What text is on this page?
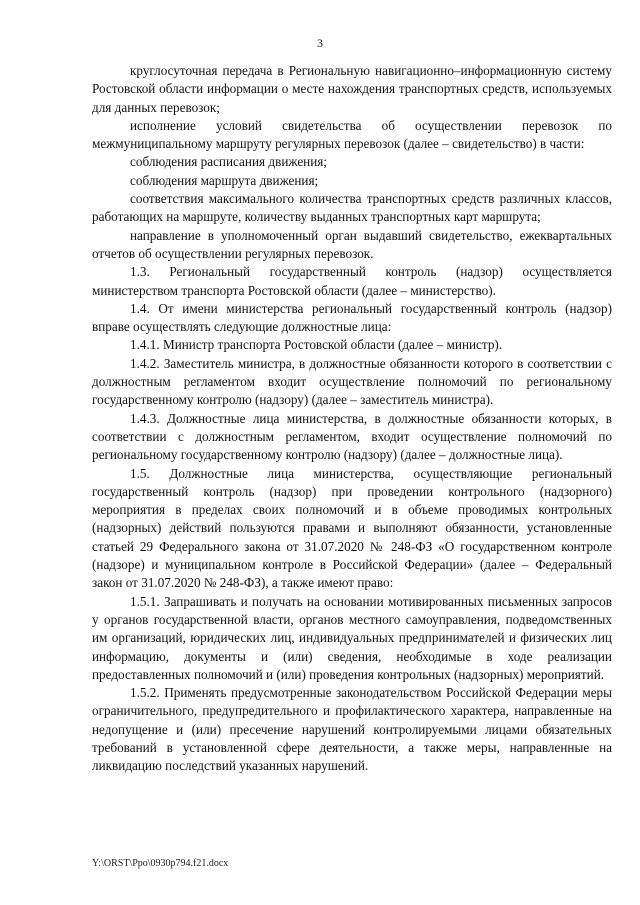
3

круглосуточная передача в Региональную навигационно–информационную систему Ростовской области информации о месте нахождения транспортных средств, используемых для данных перевозок;

исполнение условий свидетельства об осуществлении перевозок по межмуниципальному маршруту регулярных перевозок (далее – свидетельство) в части:

соблюдения расписания движения;

соблюдения маршрута движения;

соответствия максимального количества транспортных средств различных классов, работающих на маршруте, количеству выданных транспортных карт маршрута;

направление в уполномоченный орган выдавший свидетельство, ежеквартальных отчетов об осуществлении регулярных перевозок.

1.3. Региональный государственный контроль (надзор) осуществляется министерством транспорта Ростовской области (далее – министерство).

1.4. От имени министерства региональный государственный контроль (надзор) вправе осуществлять следующие должностные лица:

1.4.1. Министр транспорта Ростовской области (далее – министр).

1.4.2. Заместитель министра, в должностные обязанности которого в соответствии с должностным регламентом входит осуществление полномочий по региональному государственному контролю (надзору) (далее – заместитель министра).

1.4.3. Должностные лица министерства, в должностные обязанности которых, в соответствии с должностным регламентом, входит осуществление полномочий по региональному государственному контролю (надзору) (далее – должностные лица).

1.5. Должностные лица министерства, осуществляющие региональный государственный контроль (надзор) при проведении контрольного (надзорного) мероприятия в пределах своих полномочий и в объеме проводимых контрольных (надзорных) действий пользуются правами и выполняют обязанности, установленные статьей 29 Федерального закона от 31.07.2020 № 248-ФЗ «О государственном контроле (надзоре) и муниципальном контроле в Российской Федерации» (далее – Федеральный закон от 31.07.2020 № 248-ФЗ), а также имеют право:

1.5.1. Запрашивать и получать на основании мотивированных письменных запросов у органов государственной власти, органов местного самоуправления, подведомственных им организаций, юридических лиц, индивидуальных предпринимателей и физических лиц информацию, документы и (или) сведения, необходимые в ходе реализации предоставленных полномочий и (или) проведения контрольных (надзорных) мероприятий.

1.5.2. Применять предусмотренные законодательством Российской Федерации меры ограничительного, предупредительного и профилактического характера, направленные на недопущение и (или) пресечение нарушений контролируемыми лицами обязательных требований в установленной сфере деятельности, а также меры, направленные на ликвидацию последствий указанных нарушений.

Y:\ORST\Ppo\0930p794.f21.docx
